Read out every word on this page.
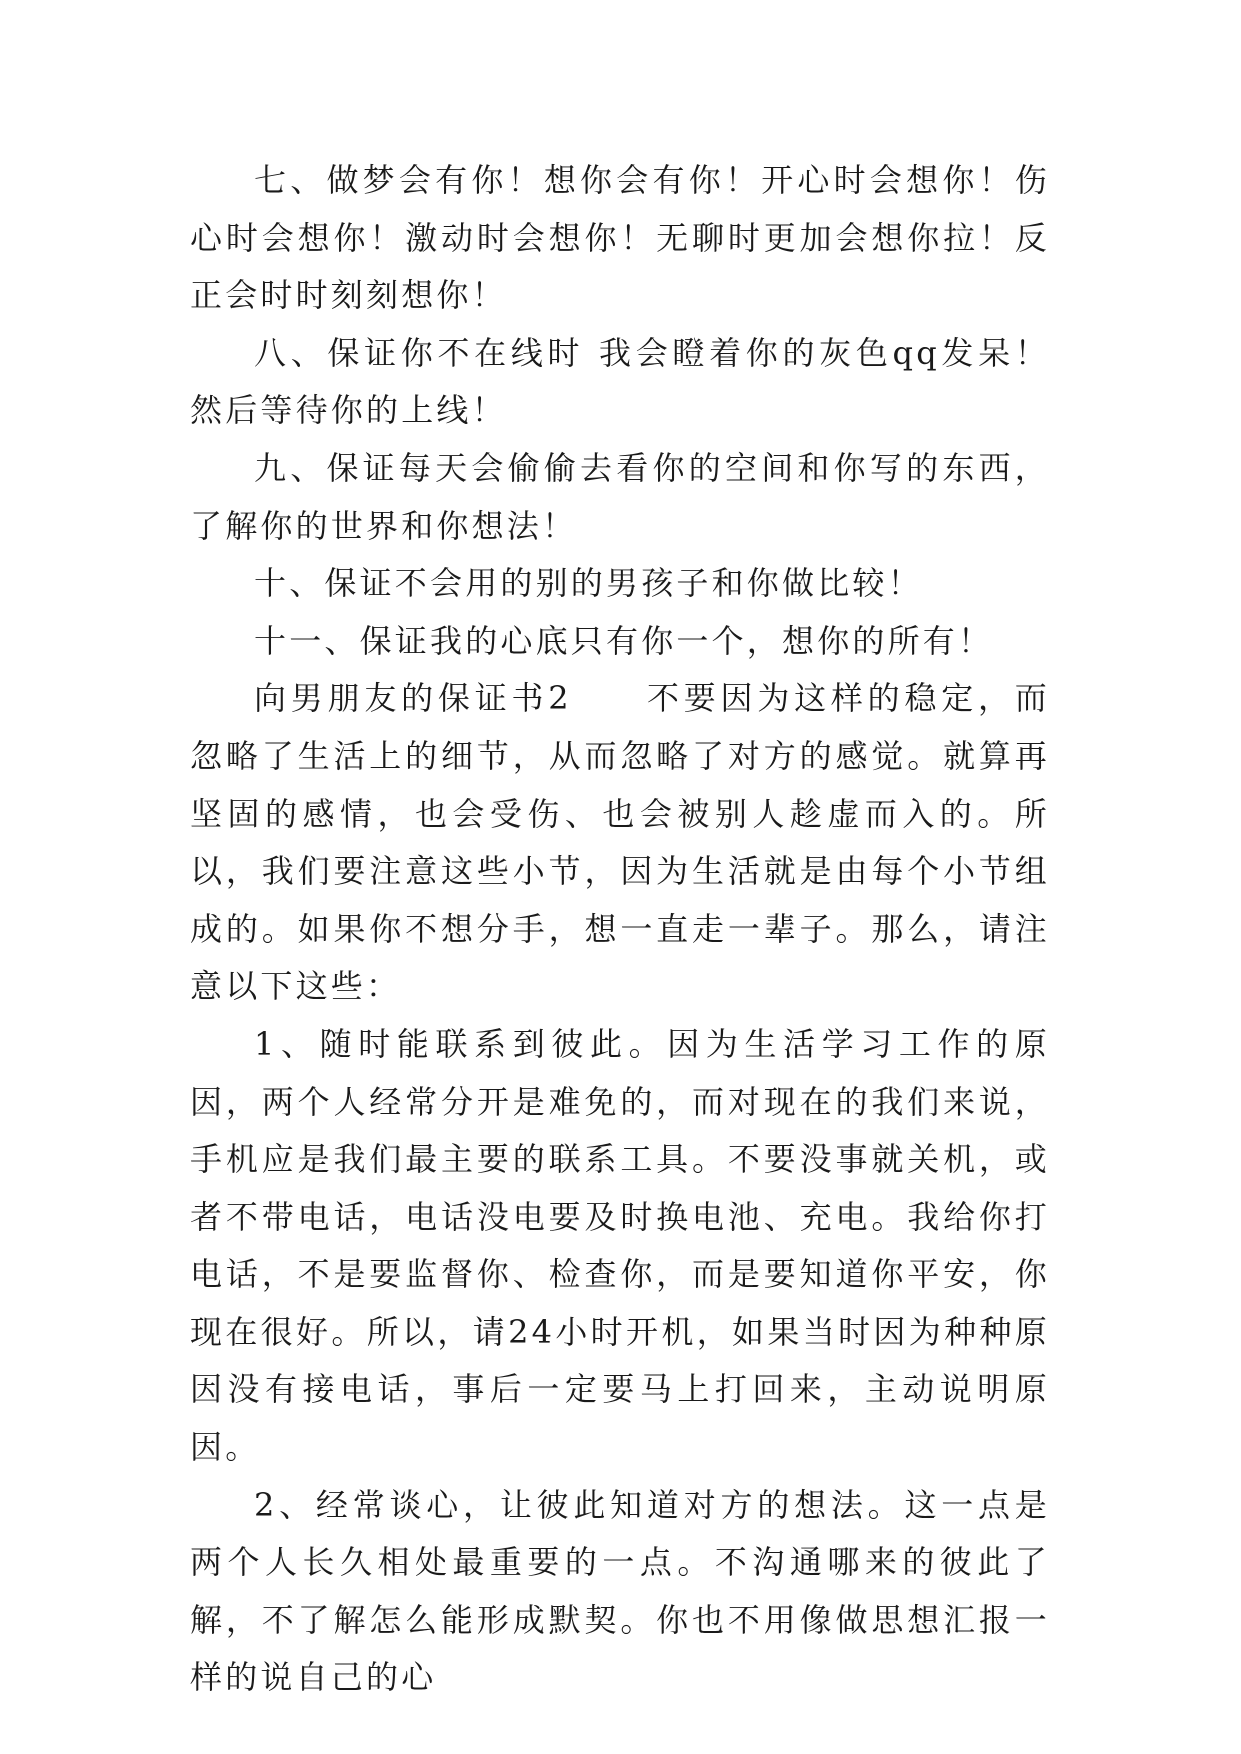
七、做梦会有你！想你会有你！开心时会想你！伤心时会想你！激动时会想你！无聊时更加会想你拉！反正会时时刻刻想你！

八、保证你不在线时 我会瞪着你的灰色qq发呆！然后等待你的上线！

九、保证每天会偷偷去看你的空间和你写的东西，了解你的世界和你想法！

十、保证不会用的别的男孩子和你做比较！

十一、保证我的心底只有你一个，想你的所有！

向男朋友的保证书2　　不要因为这样的稳定，而忽略了生活上的细节，从而忽略了对方的感觉。就算再坚固的感情，也会受伤、也会被别人趁虚而入的。所以，我们要注意这些小节，因为生活就是由每个小节组成的。如果你不想分手，想一直走一辈子。那么，请注意以下这些：

1、随时能联系到彼此。因为生活学习工作的原因，两个人经常分开是难免的，而对现在的我们来说，手机应是我们最主要的联系工具。不要没事就关机，或者不带电话，电话没电要及时换电池、充电。我给你打电话，不是要监督你、检查你，而是要知道你平安，你现在很好。所以，请24小时开机，如果当时因为种种原因没有接电话，事后一定要马上打回来，主动说明原因。

2、经常谈心，让彼此知道对方的想法。这一点是两个人长久相处最重要的一点。不沟通哪来的彼此了解，不了解怎么能形成默契。你也不用像做思想汇报一样的说自己的心
